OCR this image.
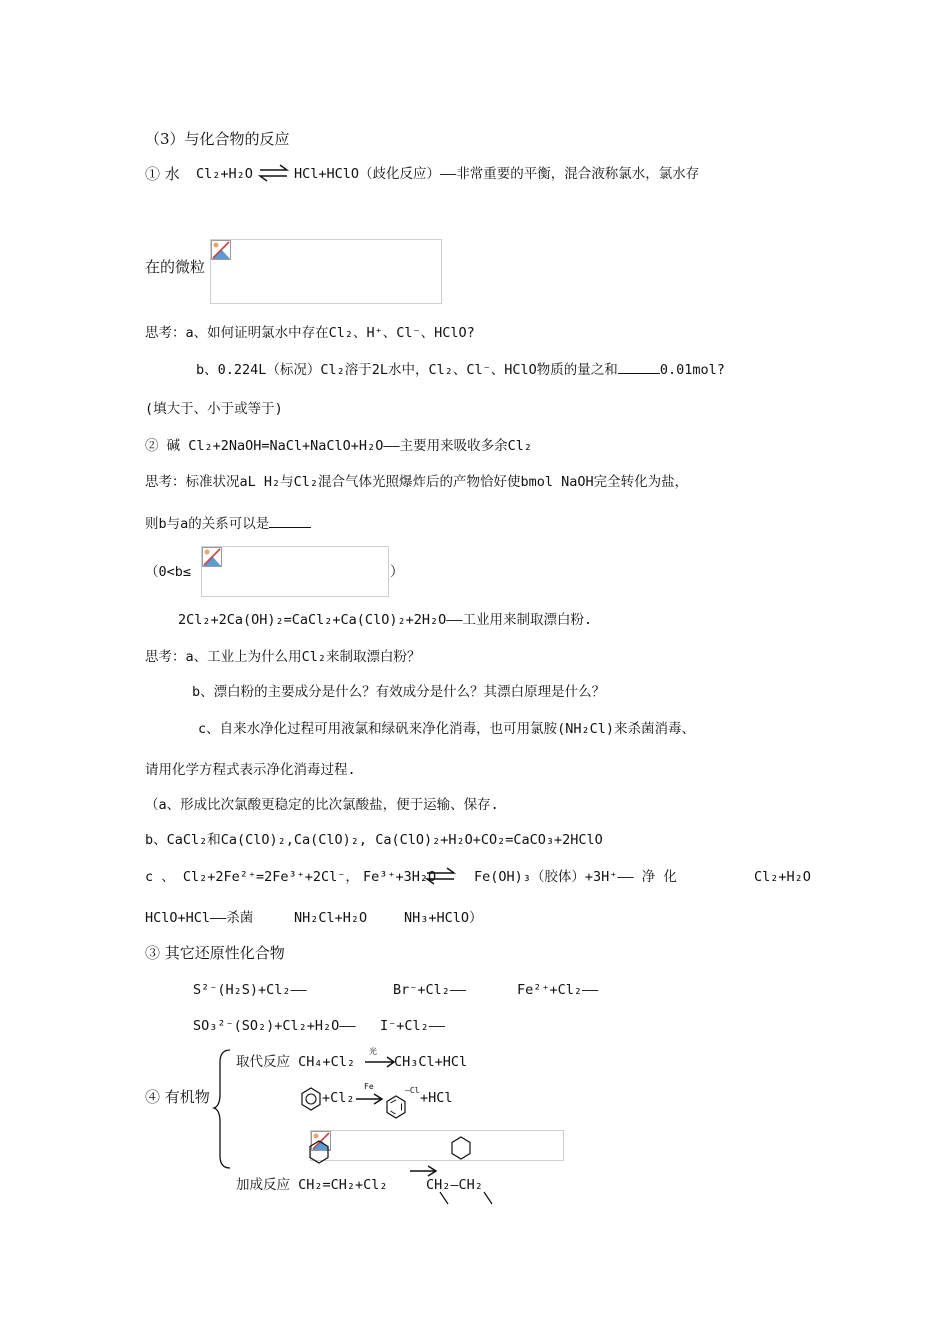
（3）与化合物的反应
① 水 Cl₂+H₂O ⇌ HCl+HClO（歧化反应）——非常重要的平衡，混合液称氯水，氯水存
在的微粒
思考：a、如何证明氯水中存在Cl₂、H⁺、Cl⁻、HClO?
b、0.224L（标况）Cl₂溶于2L水中，Cl₂、Cl⁻、HClO物质的量之和	0.01mol?
(填大于、小于或等于)
② 碱 Cl₂+2NaOH=NaCl+NaClO+H₂O——主要用来吸收多余Cl₂
思考：标准状况aL H₂与Cl₂混合气体光照爆炸后的产物恰好使bmol NaOH完全转化为盐，
则b与a的关系可以是
（0<b≤	）
2Cl₂+2Ca(OH)₂=CaCl₂+Ca(ClO)₂+2H₂O——工业用来制取漂白粉.
思考：a、工业上为什么用Cl₂来制取漂白粉？
b、漂白粉的主要成分是什么？有效成分是什么？其漂白原理是什么？
c、自来水净化过程可用液氯和绿矾来净化消毒，也可用氯胺(NH₂Cl)来杀菌消毒、
请用化学方程式表示净化消毒过程.
（a、形成比次氯酸更稳定的比次氯酸盐，便于运输、保存.
b、CaCl₂和Ca(ClO)₂,Ca(ClO)₂, Ca(ClO)₂+H₂O+CO₂=CaCO₃+2HClO
c 、 Cl₂+2Fe²⁺=2Fe³⁺+2Cl⁻， Fe³⁺+3H₂O ⇌ Fe(OH)₃（胶体）+3H⁺—— 净 化	Cl₂+H₂O
HClO+HCl——杀菌	NH₂Cl+H₂O	NH₃+HClO）
③ 其它还原性化合物
S²⁻(H₂S)+Cl₂——	Br⁻+Cl₂——	Fe²⁺+Cl₂——
SO₃²⁻(SO₂)+Cl₂+H₂O—— I⁻+Cl₂——
④ 有机物
取代反应 CH₄+Cl₂
光
CH₃Cl+HCl
+Cl₂
Fe	—Cl +HCl
加成反应 CH₂=CH₂+Cl₂	CH₂—CH₂
